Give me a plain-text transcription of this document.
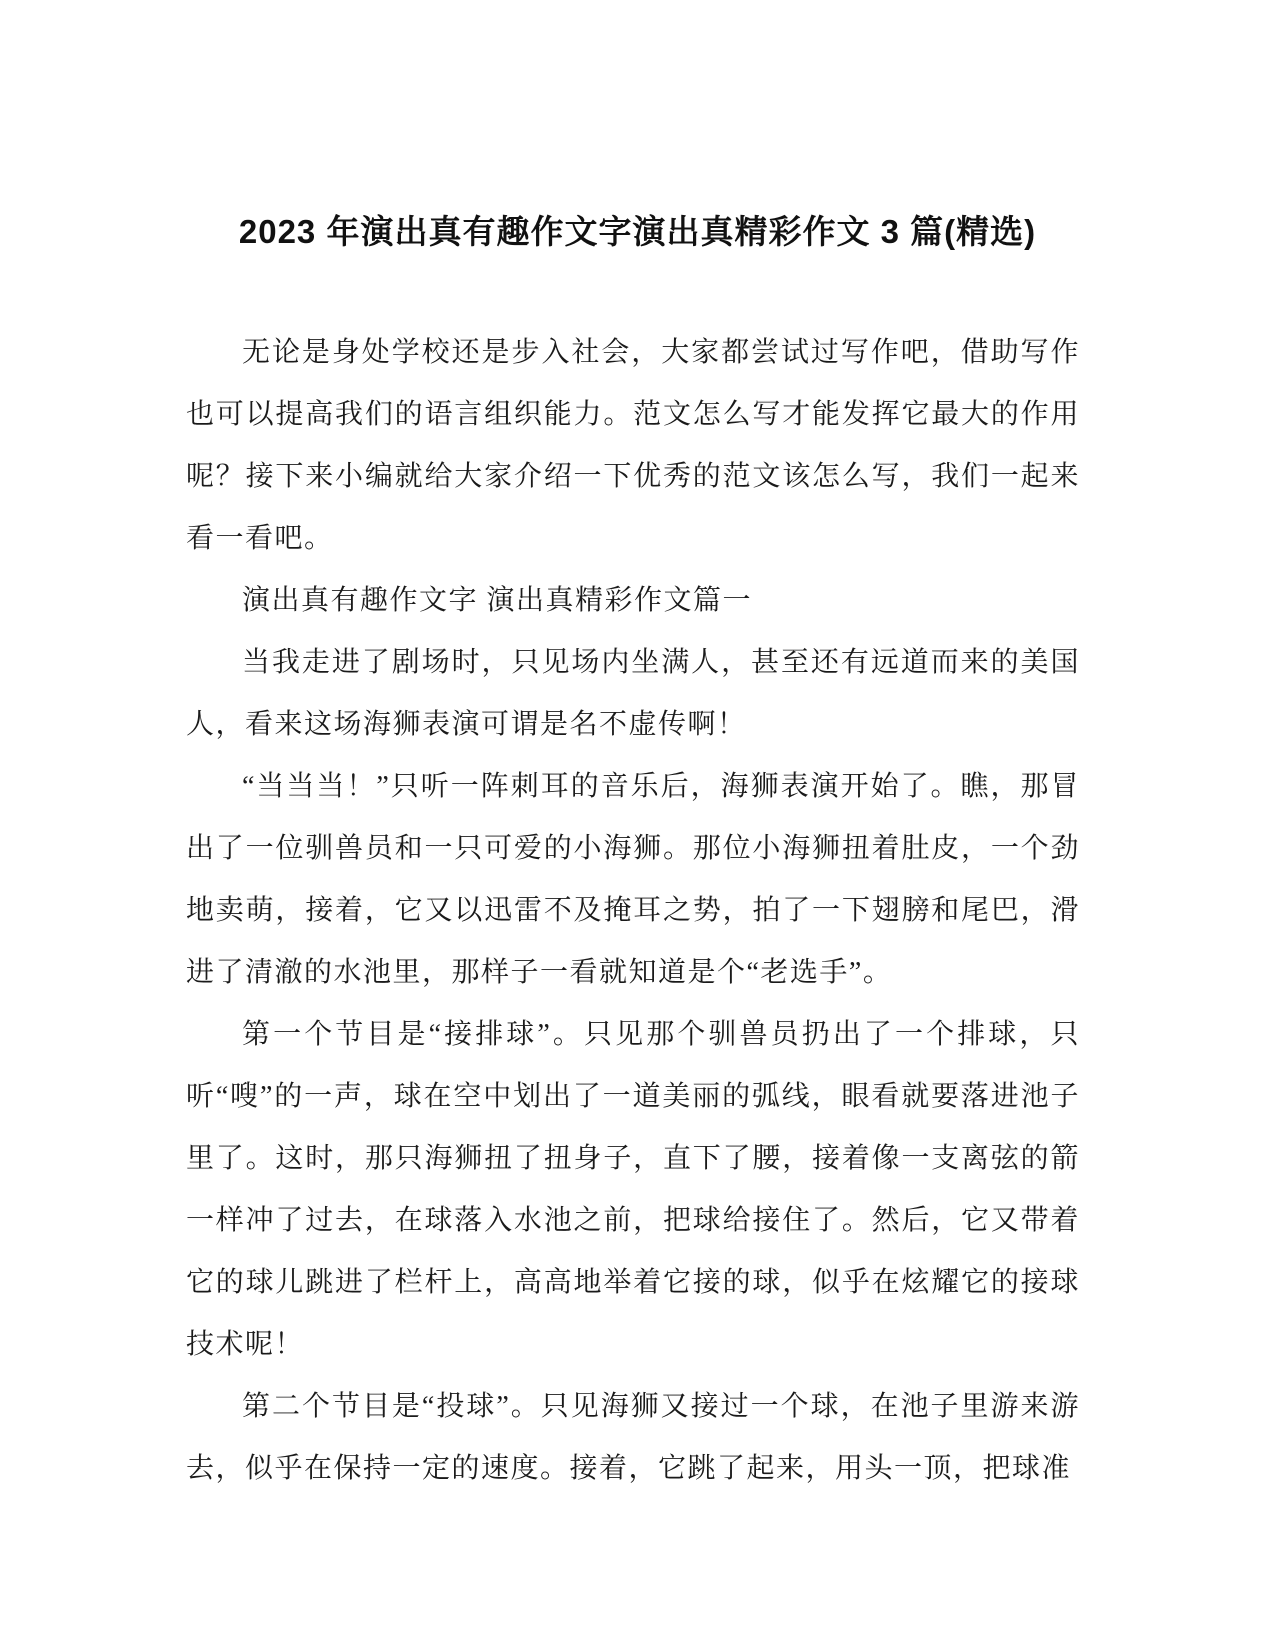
2023 年演出真有趣作文字演出真精彩作文 3 篇(精选)

无论是身处学校还是步入社会，大家都尝试过写作吧，借助写作也可以提高我们的语言组织能力。范文怎么写才能发挥它最大的作用呢？接下来小编就给大家介绍一下优秀的范文该怎么写，我们一起来看一看吧。

演出真有趣作文字 演出真精彩作文篇一

当我走进了剧场时，只见场内坐满人，甚至还有远道而来的美国人，看来这场海狮表演可谓是名不虚传啊！

“当当当！”只听一阵刺耳的音乐后，海狮表演开始了。瞧，那冒出了一位驯兽员和一只可爱的小海狮。那位小海狮扭着肚皮，一个劲地卖萌，接着，它又以迅雷不及掩耳之势，拍了一下翅膀和尾巴，滑进了清澈的水池里，那样子一看就知道是个“老选手”。

第一个节目是“接排球”。只见那个驯兽员扔出了一个排球，只听“嗖”的一声，球在空中划出了一道美丽的弧线，眼看就要落进池子里了。这时，那只海狮扭了扭身子，直下了腰，接着像一支离弦的箭一样冲了过去，在球落入水池之前，把球给接住了。然后，它又带着它的球儿跳进了栏杆上，高高地举着它接的球，似乎在炫耀它的接球技术呢！

第二个节目是“投球”。只见海狮又接过一个球，在池子里游来游去，似乎在保持一定的速度。接着，它跳了起来，用头一顶，把球准
